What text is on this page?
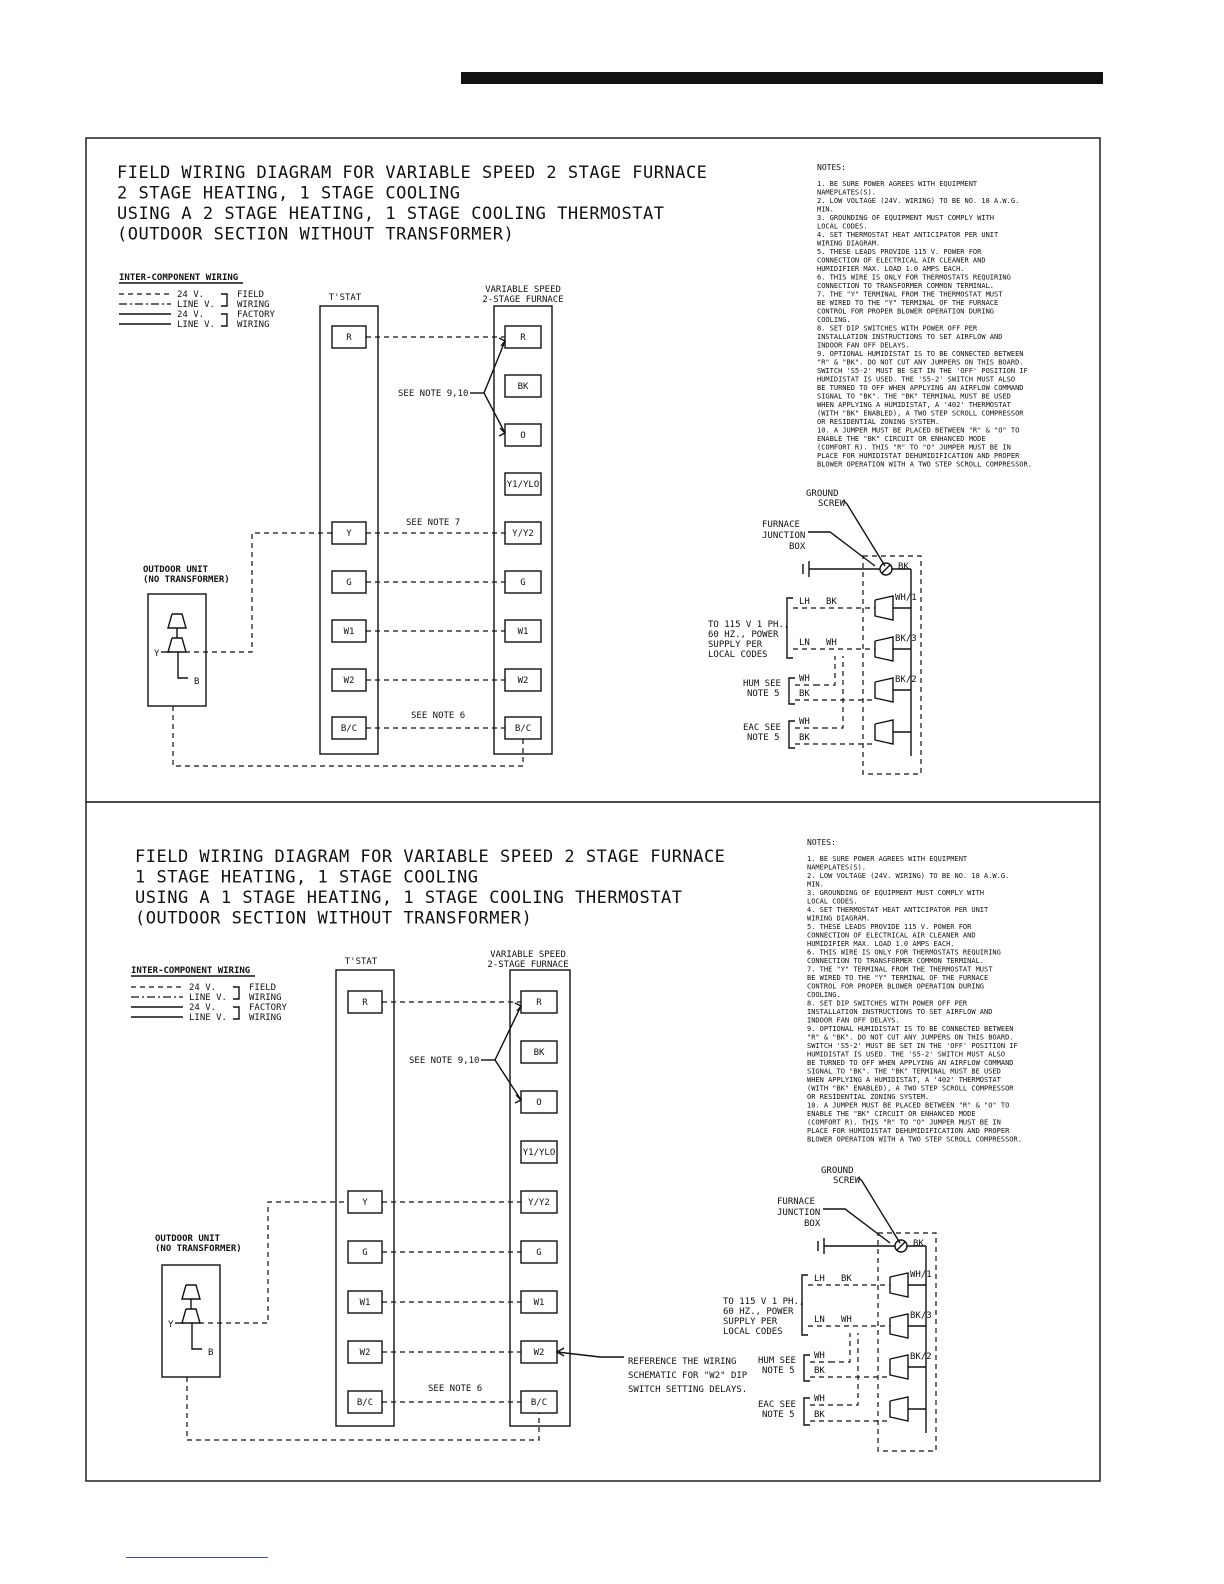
FIELD WIRING DIAGRAM FOR VARIABLE SPEED 2 STAGE FURNACE
2 STAGE HEATING, 1 STAGE COOLING
USING A 2 STAGE HEATING, 1 STAGE COOLING THERMOSTAT
(OUTDOOR SECTION WITHOUT TRANSFORMER)
INTER-COMPONENT WIRING
24 V.	FIELD
LINE V. WIRING
24 V.	FACTORY
LINE V. WIRING
T'STAT
R
Y
G
W1
W2
B/C
VARIABLE SPEED
2-STAGE FURNACE
R
BK
O
Y1/YLO
Y/Y2
G
W1
W2
B/C
SEE NOTE 9,10
SEE NOTE 7
SEE NOTE 6
OUTDOOR UNIT
(NO TRANSFORMER)
Y
B
NOTES:
1. BE SURE POWER AGREES WITH EQUIPMENT
NAMEPLATES(S).
2. LOW VOLTAGE (24V. WIRING) TO BE NO. 18 A.W.G.
MIN.
3. GROUNDING OF EQUIPMENT MUST COMPLY WITH
LOCAL CODES.
4. SET THERMOSTAT HEAT ANTICIPATOR PER UNIT
WIRING DIAGRAM.
5. THESE LEADS PROVIDE 115 V. POWER FOR
CONNECTION OF ELECTRICAL AIR CLEANER AND
HUMIDIFIER MAX. LOAD 1.0 AMPS EACH.
6. THIS WIRE IS ONLY FOR THERMOSTATS REQUIRING
CONNECTION TO TRANSFORMER COMMON TERMINAL.
7. THE "Y" TERMINAL FROM THE THERMOSTAT MUST
BE WIRED TO THE "Y" TERMINAL OF THE FURNACE
CONTROL FOR PROPER BLOWER OPERATION DURING
COOLING.
8. SET DIP SWITCHES WITH POWER OFF PER
INSTALLATION INSTRUCTIONS TO SET AIRFLOW AND
INDOOR FAN OFF DELAYS.
9. OPTIONAL HUMIDISTAT IS TO BE CONNECTED BETWEEN
"R" & "BK". DO NOT CUT ANY JUMPERS ON THIS BOARD.
SWITCH 'S5-2' MUST BE SET IN THE 'OFF' POSITION IF
HUMIDISTAT IS USED. THE 'S5-2' SWITCH MUST ALSO
BE TURNED TO OFF WHEN APPLYING AN AIRFLOW COMMAND
SIGNAL TO "BK". THE "BK" TERMINAL MUST BE USED
WHEN APPLYING A HUMIDISTAT, A '402' THERMOSTAT
(WITH "BK" ENABLED), A TWO STEP SCROLL COMPRESSOR
OR RESIDENTIAL ZONING SYSTEM.
10. A JUMPER MUST BE PLACED BETWEEN "R" & "O" TO
ENABLE THE "BK" CIRCUIT OR ENHANCED MODE
(COMFORT R). THIS "R" TO "O" JUMPER MUST BE IN
PLACE FOR HUMIDISTAT DEHUMIDIFICATION AND PROPER
BLOWER OPERATION WITH A TWO STEP SCROLL COMPRESSOR.
GROUND
SCREW
FURNACE
JUNCTION
BOX
BK
WH/1
BK/3
BK/2
TO 115 V 1 PH.,
60 HZ., POWER
SUPPLY PER
LOCAL CODES
LH BK
LN WH
HUM SEE
NOTE 5
WH
BK
EAC SEE
NOTE 5
WH
BK
FIELD WIRING DIAGRAM FOR VARIABLE SPEED 2 STAGE FURNACE
1 STAGE HEATING, 1 STAGE COOLING
USING A 1 STAGE HEATING, 1 STAGE COOLING THERMOSTAT
(OUTDOOR SECTION WITHOUT TRANSFORMER)
INTER-COMPONENT WIRING
24 V.	FIELD
LINE V. WIRING
24 V.	FACTORY
LINE V. WIRING
T'STAT
R
Y
G
W1
W2
B/C
VARIABLE SPEED
2-STAGE FURNACE
R
BK
O
Y1/YLO
Y/Y2
G
W1
W2
B/C
SEE NOTE 9,10
SEE NOTE 6
OUTDOOR UNIT
(NO TRANSFORMER)
Y
B
REFERENCE THE WIRING
SCHEMATIC FOR "W2" DIP
SWITCH SETTING DELAYS.
NOTES:
1. BE SURE POWER AGREES WITH EQUIPMENT
NAMEPLATES(S).
2. LOW VOLTAGE (24V. WIRING) TO BE NO. 18 A.W.G.
MIN.
3. GROUNDING OF EQUIPMENT MUST COMPLY WITH
LOCAL CODES.
4. SET THERMOSTAT HEAT ANTICIPATOR PER UNIT
WIRING DIAGRAM.
5. THESE LEADS PROVIDE 115 V. POWER FOR
CONNECTION OF ELECTRICAL AIR CLEANER AND
HUMIDIFIER MAX. LOAD 1.0 AMPS EACH.
6. THIS WIRE IS ONLY FOR THERMOSTATS REQUIRING
CONNECTION TO TRANSFORMER COMMON TERMINAL.
7. THE "Y" TERMINAL FROM THE THERMOSTAT MUST
BE WIRED TO THE "Y" TERMINAL OF THE FURNACE
CONTROL FOR PROPER BLOWER OPERATION DURING
COOLING.
8. SET DIP SWITCHES WITH POWER OFF PER
INSTALLATION INSTRUCTIONS TO SET AIRFLOW AND
INDOOR FAN OFF DELAYS.
9. OPTIONAL HUMIDISTAT IS TO BE CONNECTED BETWEEN
"R" & "BK". DO NOT CUT ANY JUMPERS ON THIS BOARD.
SWITCH 'S5-2' MUST BE SET IN THE 'OFF' POSITION IF
HUMIDISTAT IS USED. THE 'S5-2' SWITCH MUST ALSO
BE TURNED TO OFF WHEN APPLYING AN AIRFLOW COMMAND
SIGNAL TO "BK". THE "BK" TERMINAL MUST BE USED
WHEN APPLYING A HUMIDISTAT, A '402' THERMOSTAT
(WITH "BK" ENABLED), A TWO STEP SCROLL COMPRESSOR
OR RESIDENTIAL ZONING SYSTEM.
10. A JUMPER MUST BE PLACED BETWEEN "R" & "O" TO
ENABLE THE "BK" CIRCUIT OR ENHANCED MODE
(COMFORT R). THIS "R" TO "O" JUMPER MUST BE IN
PLACE FOR HUMIDISTAT DEHUMIDIFICATION AND PROPER
BLOWER OPERATION WITH A TWO STEP SCROLL COMPRESSOR.
GROUND
SCREW
FURNACE
JUNCTION
BOX
BK
WH/1
BK/3
BK/2
TO 115 V 1 PH.,
60 HZ., POWER
SUPPLY PER
LOCAL CODES
LH BK
LN WH
HUM SEE
NOTE 5
WH
BK
EAC SEE
NOTE 5
WH
BK
